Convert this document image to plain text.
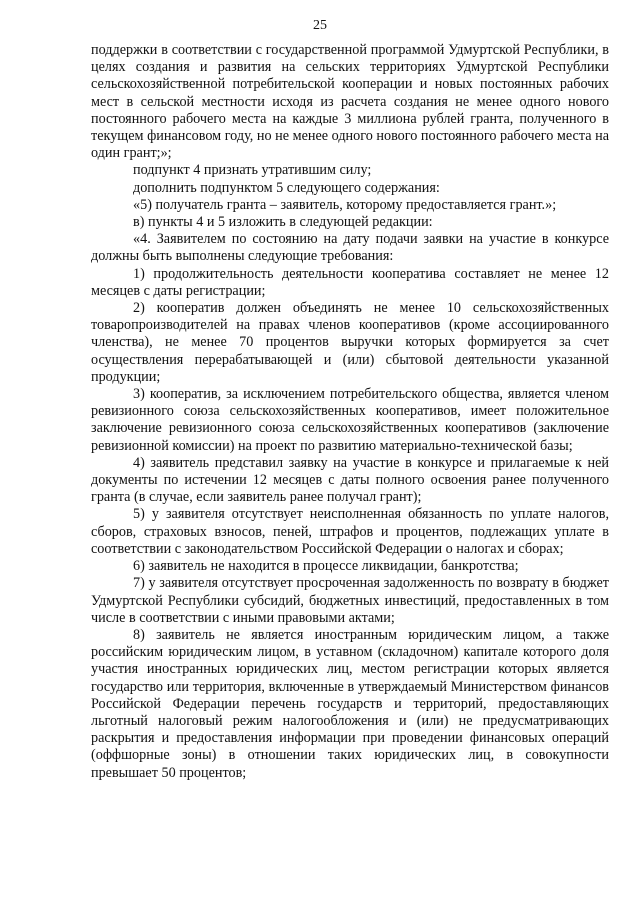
25

поддержки в соответствии с государственной программой Удмуртской Республики, в целях создания и развития на сельских территориях Удмуртской Республики сельскохозяйственной потребительской кооперации и новых постоянных рабочих мест в сельской местности исходя из расчета создания не менее одного нового постоянного рабочего места на каждые 3 миллиона рублей гранта, полученного в текущем финансовом году, но не менее одного нового постоянного рабочего места на один грант;»;

подпункт 4 признать утратившим силу;

дополнить подпунктом 5 следующего содержания:

«5) получатель гранта – заявитель, которому предоставляется грант.»;

в) пункты 4 и 5 изложить в следующей редакции:

«4. Заявителем по состоянию на дату подачи заявки на участие в конкурсе должны быть выполнены следующие требования:

1) продолжительность деятельности кооператива составляет не менее 12 месяцев с даты регистрации;

2) кооператив должен объединять не менее 10 сельскохозяйственных товаропроизводителей на правах членов кооперативов (кроме ассоциированного членства), не менее 70 процентов выручки которых формируется за счет осуществления перерабатывающей и (или) сбытовой деятельности указанной продукции;

3) кооператив, за исключением потребительского общества, является членом ревизионного союза сельскохозяйственных кооперативов, имеет положительное заключение ревизионного союза сельскохозяйственных кооперативов (заключение ревизионной комиссии) на проект по развитию материально-технической базы;

4) заявитель представил заявку на участие в конкурсе и прилагаемые к ней документы по истечении 12 месяцев с даты полного освоения ранее полученного гранта (в случае, если заявитель ранее получал грант);

5) у заявителя отсутствует неисполненная обязанность по уплате налогов, сборов, страховых взносов, пеней, штрафов и процентов, подлежащих уплате в соответствии с законодательством Российской Федерации о налогах и сборах;

6) заявитель не находится в процессе ликвидации, банкротства;

7) у заявителя отсутствует просроченная задолженность по возврату в бюджет Удмуртской Республики субсидий, бюджетных инвестиций, предоставленных в том числе в соответствии с иными правовыми актами;

8) заявитель не является иностранным юридическим лицом, а также российским юридическим лицом, в уставном (складочном) капитале которого доля участия иностранных юридических лиц, местом регистрации которых является государство или территория, включенные в утверждаемый Министерством финансов Российской Федерации перечень государств и территорий, предоставляющих льготный налоговый режим налогообложения и (или) не предусматривающих раскрытия и предоставления информации при проведении финансовых операций (оффшорные зоны) в отношении таких юридических лиц, в совокупности превышает 50 процентов;
